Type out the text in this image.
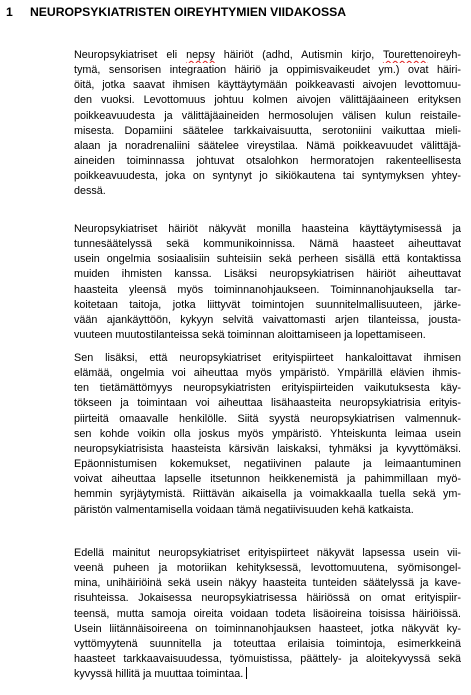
1 NEUROPSYKIATRISTEN OIREYHTYMIEN VIIDAKOSSA
Neuropsykiatriset eli nepsy häiriöt (adhd, Autismin kirjo, Tourettenoireyh-
tymä, sensorisen integraation häiriö ja oppimisvaikeudet ym.) ovat häiri-
öitä, jotka saavat ihmisen käyttäytymään poikkeavasti aivojen levottomuu-
den vuoksi. Levottomuus johtuu kolmen aivojen välittäjäaineen erityksen
poikkeavuudesta ja välittäjäaineiden hermosolujen välisen kulun reistaile-
misesta. Dopamiini säätelee tarkkaivaisuutta, serotoniini vaikuttaa mieli-
alaan ja noradrenaliini säätelee vireystilaa. Nämä poikkeavuudet välittäjä-
aineiden toiminnassa johtuvat otsalohkon hermoratojen rakenteellisesta
poikkeavuudesta, joka on syntynyt jo sikiökautena tai syntymyksen yhtey-
dessä.
Neuropsykiatriset häiriöt näkyvät monilla haasteina käyttäytymisessä ja
tunnesäätelyssä sekä kommunikoinnissa. Nämä haasteet aiheuttavat
usein ongelmia sosiaalisiin suhteisiin sekä perheen sisällä että kontaktissa
muiden ihmisten kanssa. Lisäksi neuropsykiatrisen häiriöt aiheuttavat
haasteita yleensä myös toiminnanohjaukseen. Toiminnanohjauksella tar-
koitetaan taitoja, jotka liittyvät toimintojen suunnitelmallisuuteen, järke-
vään ajankäyttöön, kykyyn selvitä vaivattomasti arjen tilanteissa, jousta-
vuuteen muutostilanteissa sekä toiminnan aloittamiseen ja lopettamiseen.
Sen lisäksi, että neuropsykiatriset erityispiirteet hankaloittavat ihmisen
elämää, ongelmia voi aiheuttaa myös ympäristö. Ympärillä elävien ihmis-
ten tietämättömyys neuropsykiatristen erityispiirteiden vaikutuksesta käy-
tökseen ja toimintaan voi aiheuttaa lisähaasteita neuropsykiatrisia erityis-
piirteitä omaavalle henkilölle. Siitä syystä neuropsykiatrisen valmennuk-
sen kohde voikin olla joskus myös ympäristö. Yhteiskunta leimaa usein
neuropsykiatrisista haasteista kärsivän laiskaksi, tyhmäksi ja kyvyttömäksi.
Epäonnistumisen kokemukset, negatiivinen palaute ja leimaantuminen
voivat aiheuttaa lapselle itsetunnon heikkenemistä ja pahimmillaan myö-
hemmin syrjäytymistä. Riittävän aikaisella ja voimakkaalla tuella sekä ym-
päristön valmentamisella voidaan tämä negatiivisuuden kehä katkaista.
Edellä mainitut neuropsykiatriset erityispiirteet näkyvät lapsessa usein vii-
veenä puheen ja motoriikan kehityksessä, levottomuutena, syömisongel-
mina, unihäiriöinä sekä usein näkyy haasteita tunteiden säätelyssä ja kave-
risuhteissa. Jokaisessa neuropsykiatrisessa häiriössä on omat erityispiir-
teensä, mutta samoja oireita voidaan todeta lisäoireina toisissa häiriöissä.
Usein liitännäisoireena on toiminnanohjauksen haasteet, jotka näkyvät ky-
vyttömyytenä suunnitella ja toteuttaa erilaisia toimintoja, esimerkkeinä
haasteet tarkkaavaisuudessa, työmuistissa, päättely- ja aloitekyvyssä sekä
kyvyssä hillitä ja muuttaa toimintaa.
